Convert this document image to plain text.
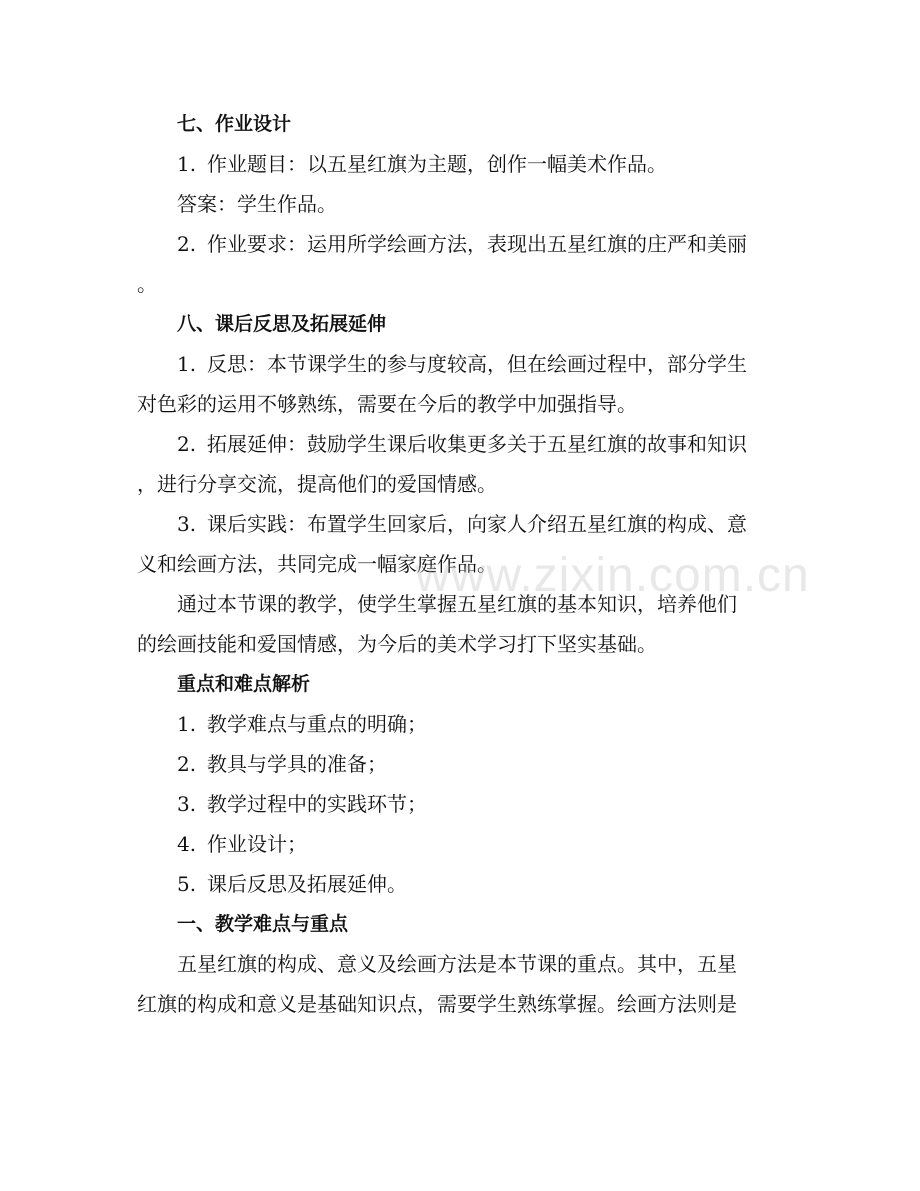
七、作业设计
1. 作业题目：以五星红旗为主题，创作一幅美术作品。
答案：学生作品。
2. 作业要求：运用所学绘画方法，表现出五星红旗的庄严和美丽
。
八、课后反思及拓展延伸
1. 反思：本节课学生的参与度较高，但在绘画过程中，部分学生
对色彩的运用不够熟练，需要在今后的教学中加强指导。
2. 拓展延伸：鼓励学生课后收集更多关于五星红旗的故事和知识
，进行分享交流，提高他们的爱国情感。
3. 课后实践：布置学生回家后，向家人介绍五星红旗的构成、意
义和绘画方法，共同完成一幅家庭作品。
通过本节课的教学，使学生掌握五星红旗的基本知识，培养他们
的绘画技能和爱国情感，为今后的美术学习打下坚实基础。
重点和难点解析
1. 教学难点与重点的明确；
2. 教具与学具的准备；
3. 教学过程中的实践环节；
4. 作业设计；
5. 课后反思及拓展延伸。
一、教学难点与重点
五星红旗的构成、意义及绘画方法是本节课的重点。其中，五星
红旗的构成和意义是基础知识点，需要学生熟练掌握。绘画方法则是
www.zixin.com.cn
